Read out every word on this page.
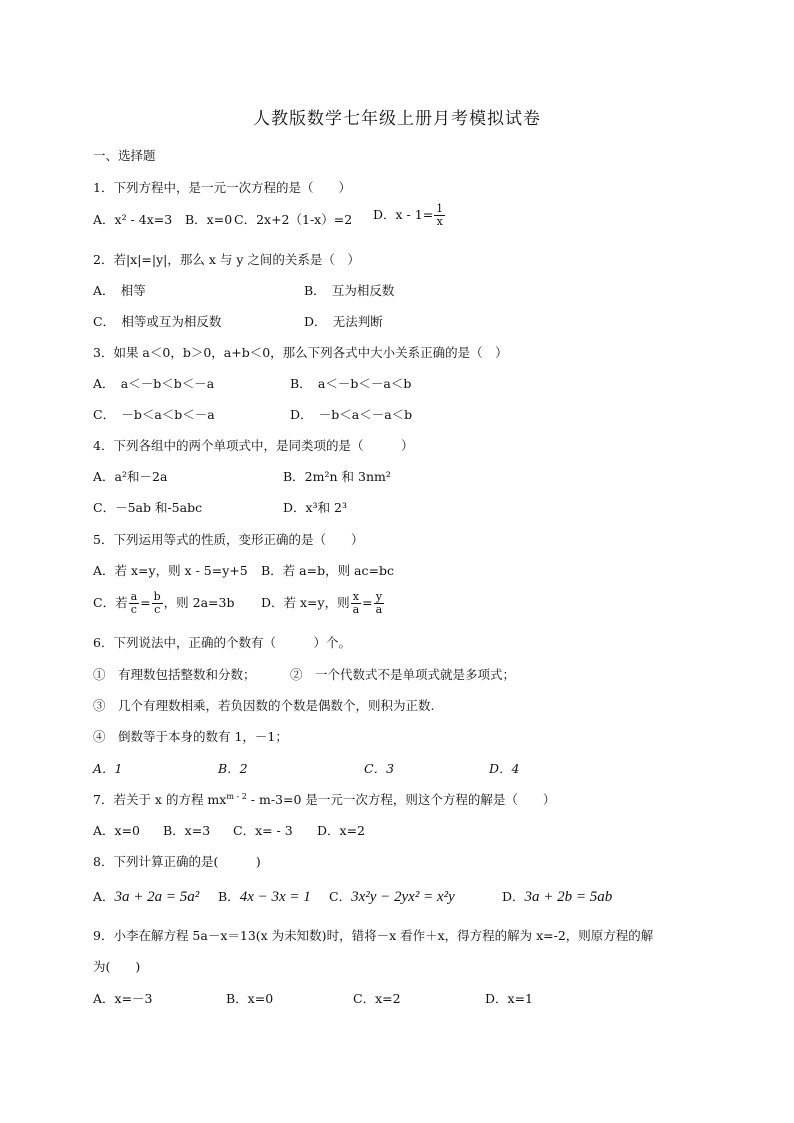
人教版数学七年级上册月考模拟试卷
一、选择题
1．下列方程中，是一元一次方程的是（　　）
A．x² - 4x=3 B．x=0 C．2x+2（1-x）=2 D．$x - 1= \frac{1}{x}$
2．若|x|=|y|，那么 x 与 y 之间的关系是（　）
A．　相等	B．　互为相反数
C．　相等或互为相反数	D．　无法判断
3．如果 a＜0，b＞0，a+b＜0，那么下列各式中大小关系正确的是（　）
A．　a＜－b＜b＜－a	B．　a＜－b＜－a＜b
C．　－b＜a＜b＜－a	D．　－b＜a＜－a＜b
4．下列各组中的两个单项式中，是同类项的是（　　　）
A．a²和－2a	B．2m²n 和 3nm²
C．－5ab 和-5abc	D．x³和 2³
5．下列运用等式的性质，变形正确的是（　　）
A．若 x=y，则 x - 5=y+5 B．若 a=b，则 ac=bc
C．若 $\frac{a}{c} = \frac{b}{c}$ ，则 2a=3b D．若 x=y，则 $\frac{x}{a} = \frac{y}{a}$
6．下列说法中，正确的个数有（　　　）个。
①　有理数包括整数和分数；	②　一个代数式不是单项式就是多项式；
③　几个有理数相乘，若负因数的个数是偶数个，则积为正数.
④　倒数等于本身的数有 1，－1；
A．1	B．2	C．3	D．4
7．若关于 x 的方程 $mx^{m - 2} - m-3=0$ 是一元一次方程，则这个方程的解是（　　）
A．x=0 B．x=3 C．x= - 3 D．x=2
8．下列计算正确的是(　　　)
A．3a + 2a = 5a² B．4x − 3x = 1 C．3x²y − 2yx² = x²y	D．3a + 2b = 5ab
9．小李在解方程 5a－x＝13(x 为未知数)时，错将－x 看作＋x，得方程的解为 x=-2，则原方程的解
为(　　)
A．x=－3	B．x=0	C．x=2	D．x=1
